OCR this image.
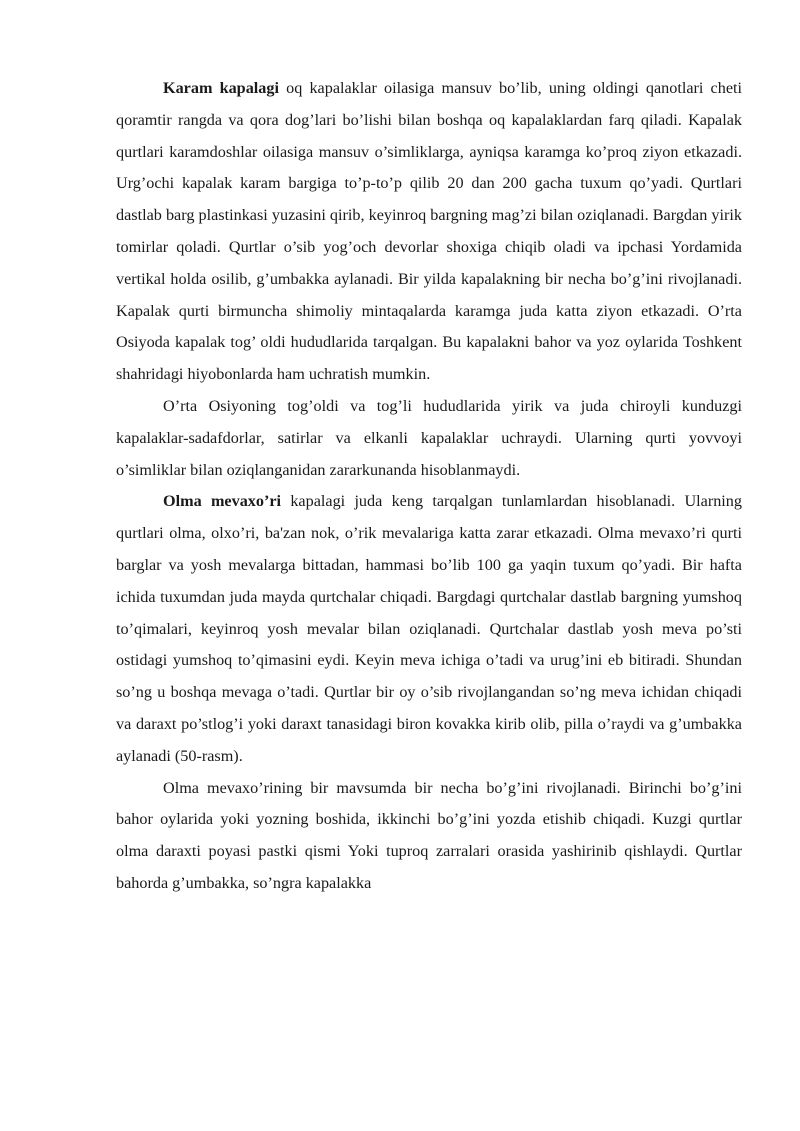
Karam kapalagi oq kapalaklar oilasiga mansuv bo’lib, uning oldingi qanotlari cheti qoramtir rangda va qora dog’lari bo’lishi bilan boshqa oq kapalaklardan farq qiladi. Kapalak qurtlari karamdoshlar oilasiga mansuv o’simliklarga, ayniqsa karamga ko’proq ziyon etkazadi. Urg’ochi kapalak karam bargiga to’p-to’p qilib 20 dan 200 gacha tuxum qo’yadi. Qurtlari dastlab barg plastinkasi yuzasini qirib, keyinroq bargning mag’zi bilan oziqlanadi. Bargdan yirik tomirlar qoladi. Qurtlar o’sib yog’och devorlar shoxiga chiqib oladi va ipchasi Yordamida vertikal holda osilib, g’umbakka aylanadi. Bir yilda kapalakning bir necha bo’g’ini rivojlanadi. Kapalak qurti birmuncha shimoliy mintaqalarda karamga juda katta ziyon etkazadi. O’rta Osiyoda kapalak tog’ oldi hududlarida tarqalgan. Bu kapalakni bahor va yoz oylarida Toshkent shahridagi hiyobonlarda ham uchratish mumkin.

O’rta Osiyoning tog’oldi va tog’li hududlarida yirik va juda chiroyli kunduzgi kapalaklar-sadafdorlar, satirlar va elkanli kapalaklar uchraydi. Ularning qurti yovvoyi o’simliklar bilan oziqlanganidan zararkunanda hisoblanmaydi.

Olma mevaxo’ri kapalagi juda keng tarqalgan tunlamlardan hisoblanadi. Ularning qurtlari olma, olxo’ri, ba'zan nok, o’rik mevalariga katta zarar etkazadi. Olma mevaxo’ri qurti barglar va yosh mevalarga bittadan, hammasi bo’lib 100 ga yaqin tuxum qo’yadi. Bir hafta ichida tuxumdan juda mayda qurtchalar chiqadi. Bargdagi qurtchalar dastlab bargning yumshoq to’qimalari, keyinroq yosh mevalar bilan oziqlanadi. Qurtchalar dastlab yosh meva po’sti ostidagi yumshoq to’qimasini eydi. Keyin meva ichiga o’tadi va urug’ini eb bitiradi. Shundan so’ng u boshqa mevaga o’tadi. Qurtlar bir oy o’sib rivojlangandan so’ng meva ichidan chiqadi va daraxt po’stlog’i yoki daraxt tanasidagi biron kovakka kirib olib, pilla o’raydi va g’umbakka aylanadi (50-rasm).

Olma mevaxo’rining bir mavsumda bir necha bo’g’ini rivojlanadi. Birinchi bo’g’ini bahor oylarida yoki yozning boshida, ikkinchi bo’g’ini yozda etishib chiqadi. Kuzgi qurtlar olma daraxti poyasi pastki qismi Yoki tuproq zarralari orasida yashirinib qishlaydi. Qurtlar bahorda g’umbakka, so’ngra kapalakka
